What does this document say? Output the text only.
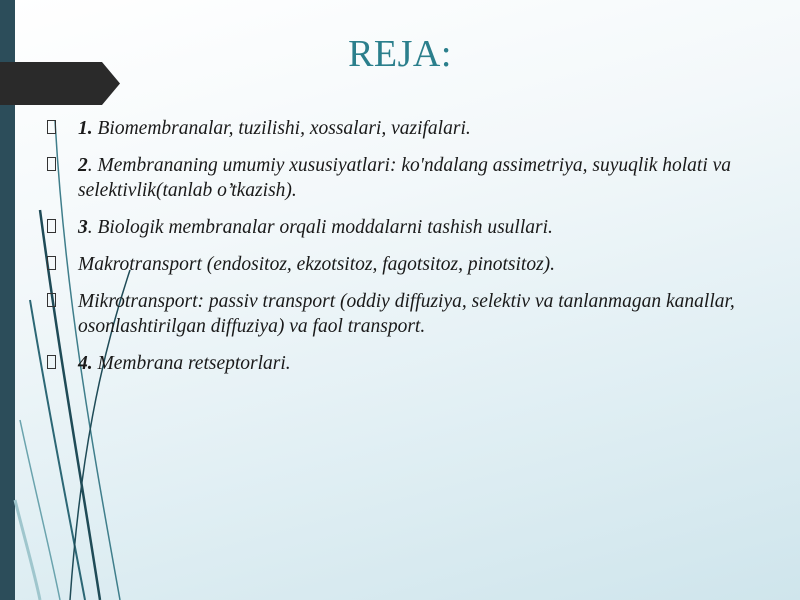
REJA:
1. Biomembranalar, tuzilishi, xossalari, vazifalari.
2. Membrananing umumiy xususiyatlari: ko'ndalang assimetriya, suyuqlik holati va selektivlik(tanlab o’tkazish).
3. Biologik membranalar orqali moddalarni tashish usullari.
Makrotransport (endositoz, ekzotsitoz, fagotsitoz, pinotsitoz).
Mikrotransport: passiv transport (oddiy diffuziya, selektiv va tanlanmagan kanallar, osonlashtirilgan diffuziya) va faol transport.
4. Membrana retseptorlari.
